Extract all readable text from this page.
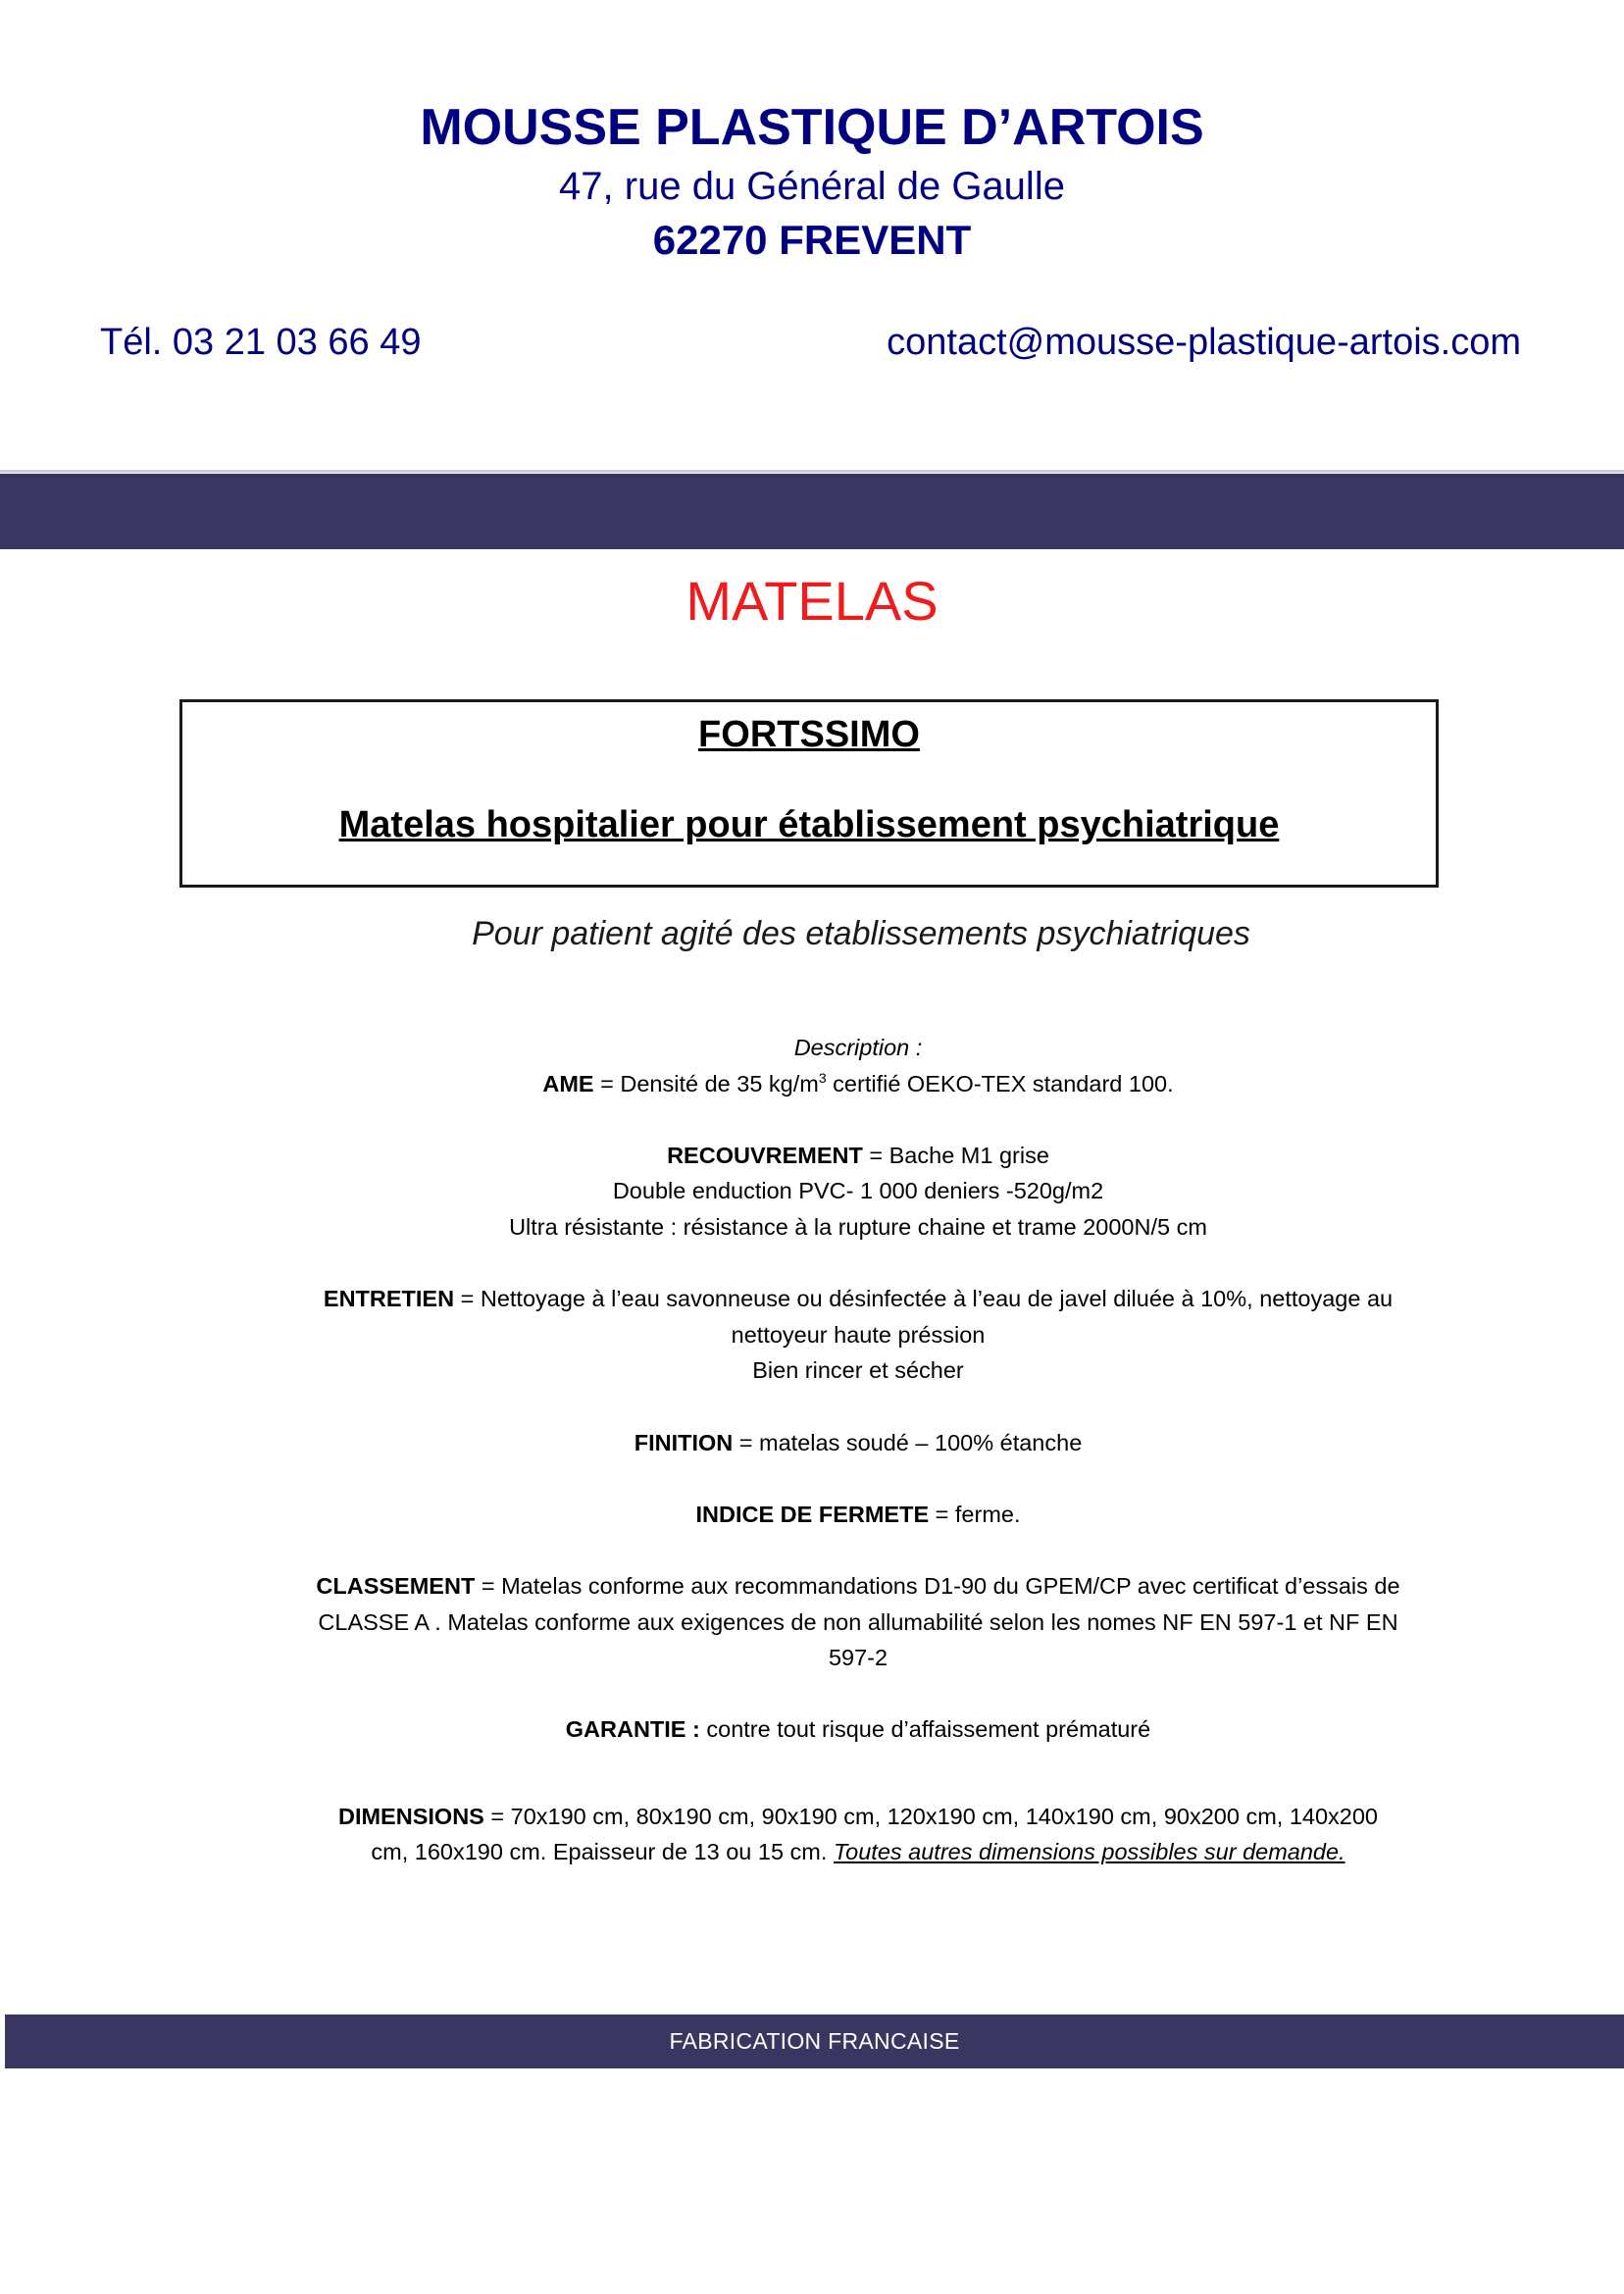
MOUSSE PLASTIQUE D’ARTOIS
47, rue du Général de Gaulle
62270 FREVENT
Tél. 03 21 03 66 49	contact@mousse-plastique-artois.com
MATELAS
FORTSSIMO
Matelas hospitalier pour établissement psychiatrique
Pour patient agité des etablissements psychiatriques

Description :

AME = Densité de 35 $kg/m^3$ certifié OEKO-TEX standard 100.

RECOUVREMENT = Bache M1 grise

Double enduction PVC- 1 000 deniers -520g/m2

Ultra résistante : résistance à la rupture chaine et trame 2000N/5 cm

ENTRETIEN = Nettoyage à l’eau savonneuse ou désinfectée à l’eau de javel diluée à 10%, nettoyage au

nettoyeur haute préssion

Bien rincer et sécher

FINITION = matelas soudé – 100% étanche

INDICE DE FERMETE = ferme.

CLASSEMENT = Matelas conforme aux recommandations D1-90 du GPEM/CP avec certificat d’essais de

CLASSE A . Matelas conforme aux exigences de non allumabilité selon les nomes NF EN 597-1 et NF EN

597-2

GARANTIE : contre tout risque d’affaissement prématuré

DIMENSIONS = 70x190 cm, 80x190 cm, 90x190 cm, 120x190 cm, 140x190 cm, 90x200 cm, 140x200

cm, 160x190 cm. Epaisseur de 13 ou 15 cm. Toutes autres dimensions possibles sur demande.

FABRICATION FRANCAISE
